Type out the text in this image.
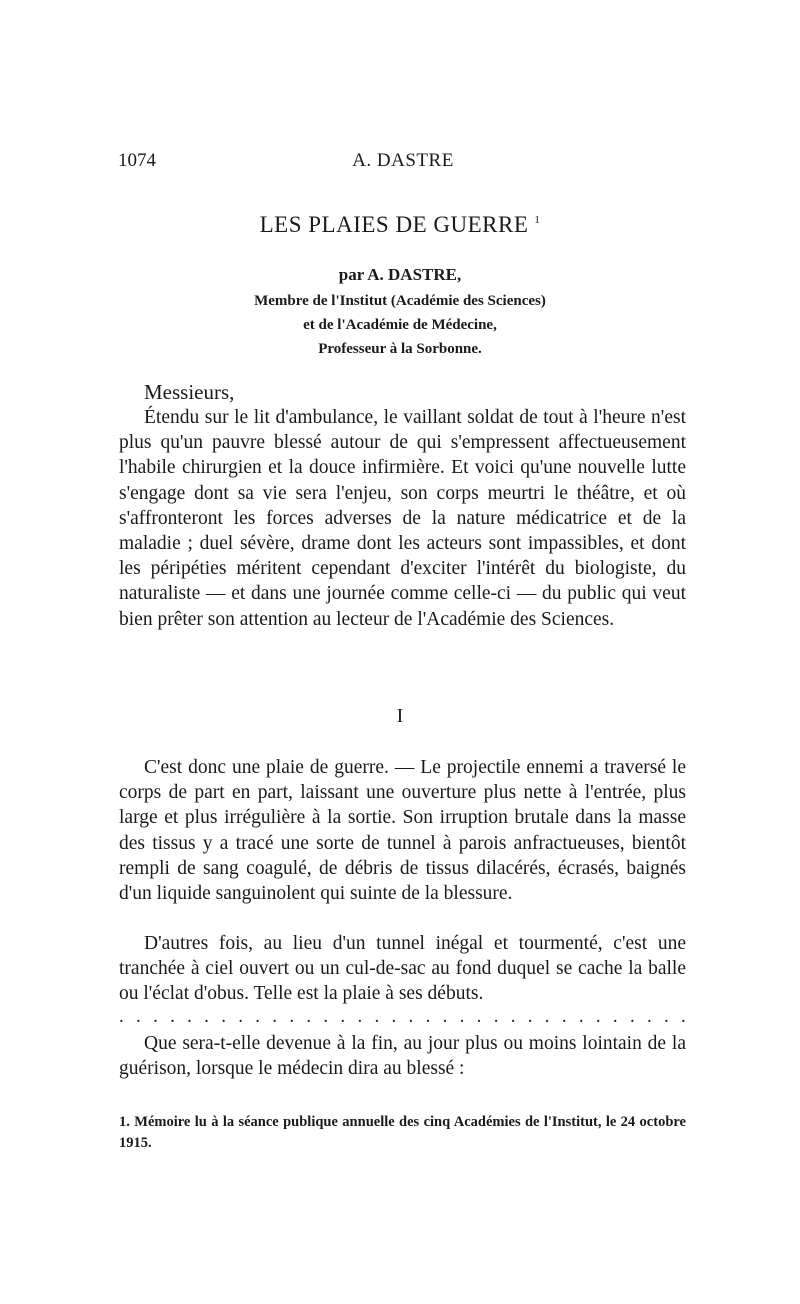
1074	A. DASTRE
LES PLAIES DE GUERRE $^1$
par A. DASTRE,
Membre de l'Institut (Académie des Sciences)
et de l'Académie de Médecine,
Professeur à la Sorbonne.
Messieurs,

Étendu sur le lit d'ambulance, le vaillant soldat de tout à l'heure n'est plus qu'un pauvre blessé autour de qui s'empressent affectueusement l'habile chirurgien et la douce infirmière. Et voici qu'une nouvelle lutte s'engage dont sa vie sera l'enjeu, son corps meurtri le théâtre, et où s'affronteront les forces adverses de la nature médicatrice et de la maladie ; duel sévère, drame dont les acteurs sont impassibles, et dont les péripéties méritent cependant d'exciter l'intérêt du biologiste, du naturaliste — et dans une journée comme celle-ci — du public qui veut bien prêter son attention au lecteur de l'Académie des Sciences.

I

C'est donc une plaie de guerre. — Le projectile ennemi a traversé le corps de part en part, laissant une ouverture plus nette à l'entrée, plus large et plus irrégulière à la sortie. Son irruption brutale dans la masse des tissus y a tracé une sorte de tunnel à parois anfractueuses, bientôt rempli de sang coagulé, de débris de tissus dilacérés, écrasés, baignés d'un liquide sanguinolent qui suinte de la blessure.

D'autres fois, au lieu d'un tunnel inégal et tourmenté, c'est une tranchée à ciel ouvert ou un cul-de-sac au fond duquel se cache la balle ou l'éclat d'obus. Telle est la plaie à ses débuts.

. . . . . . . . . . . . . . . . . . . . . . . . . . . . . . . . . .

Que sera-t-elle devenue à la fin, au jour plus ou moins lointain de la guérison, lorsque le médecin dira au blessé :

1. Mémoire lu à la séance publique annuelle des cinq Académies de l'Institut, le 24 octobre 1915.
